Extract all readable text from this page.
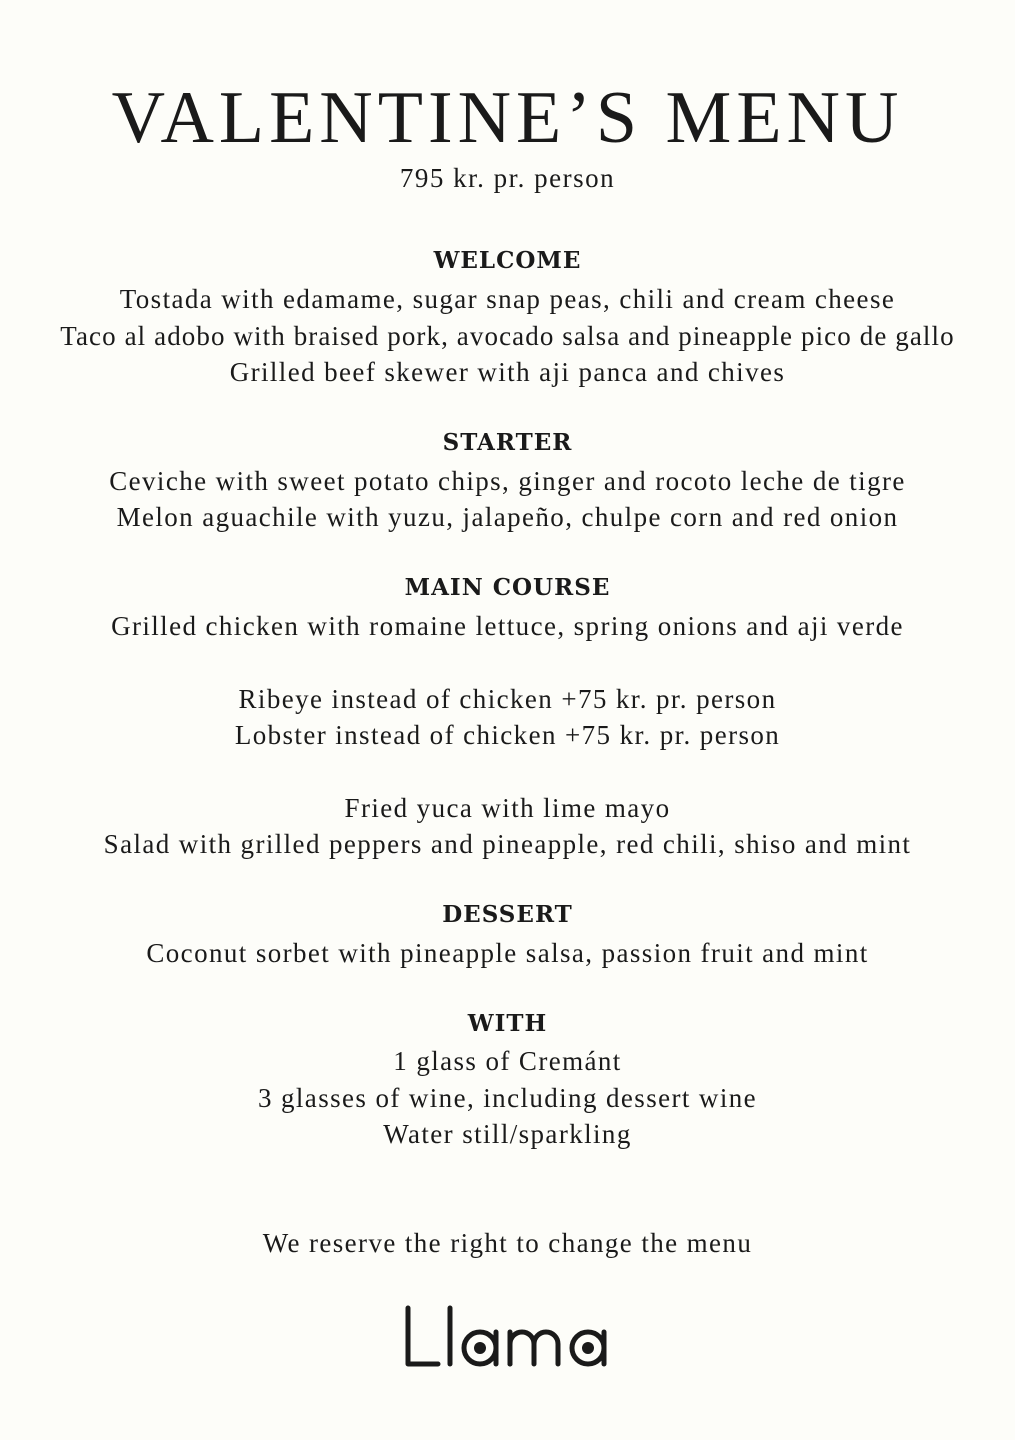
VALENTINE’S MENU
795 kr. pr. person
WELCOME
Tostada with edamame, sugar snap peas, chili and cream cheese
Taco al adobo with braised pork, avocado salsa and pineapple pico de gallo
Grilled beef skewer with aji panca and chives
STARTER
Ceviche with sweet potato chips, ginger and rocoto leche de tigre
Melon aguachile with yuzu, jalapeño, chulpe corn and red onion
MAIN COURSE
Grilled chicken with romaine lettuce, spring onions and aji verde
Ribeye instead of chicken +75 kr. pr. person
Lobster instead of chicken +75 kr. pr. person
Fried yuca with lime mayo
Salad with grilled peppers and pineapple, red chili, shiso and mint
DESSERT
Coconut sorbet with pineapple salsa, passion fruit and mint
WITH
1 glass of Cremánt
3 glasses of wine, including dessert wine
Water still/sparkling
We reserve the right to change the menu
